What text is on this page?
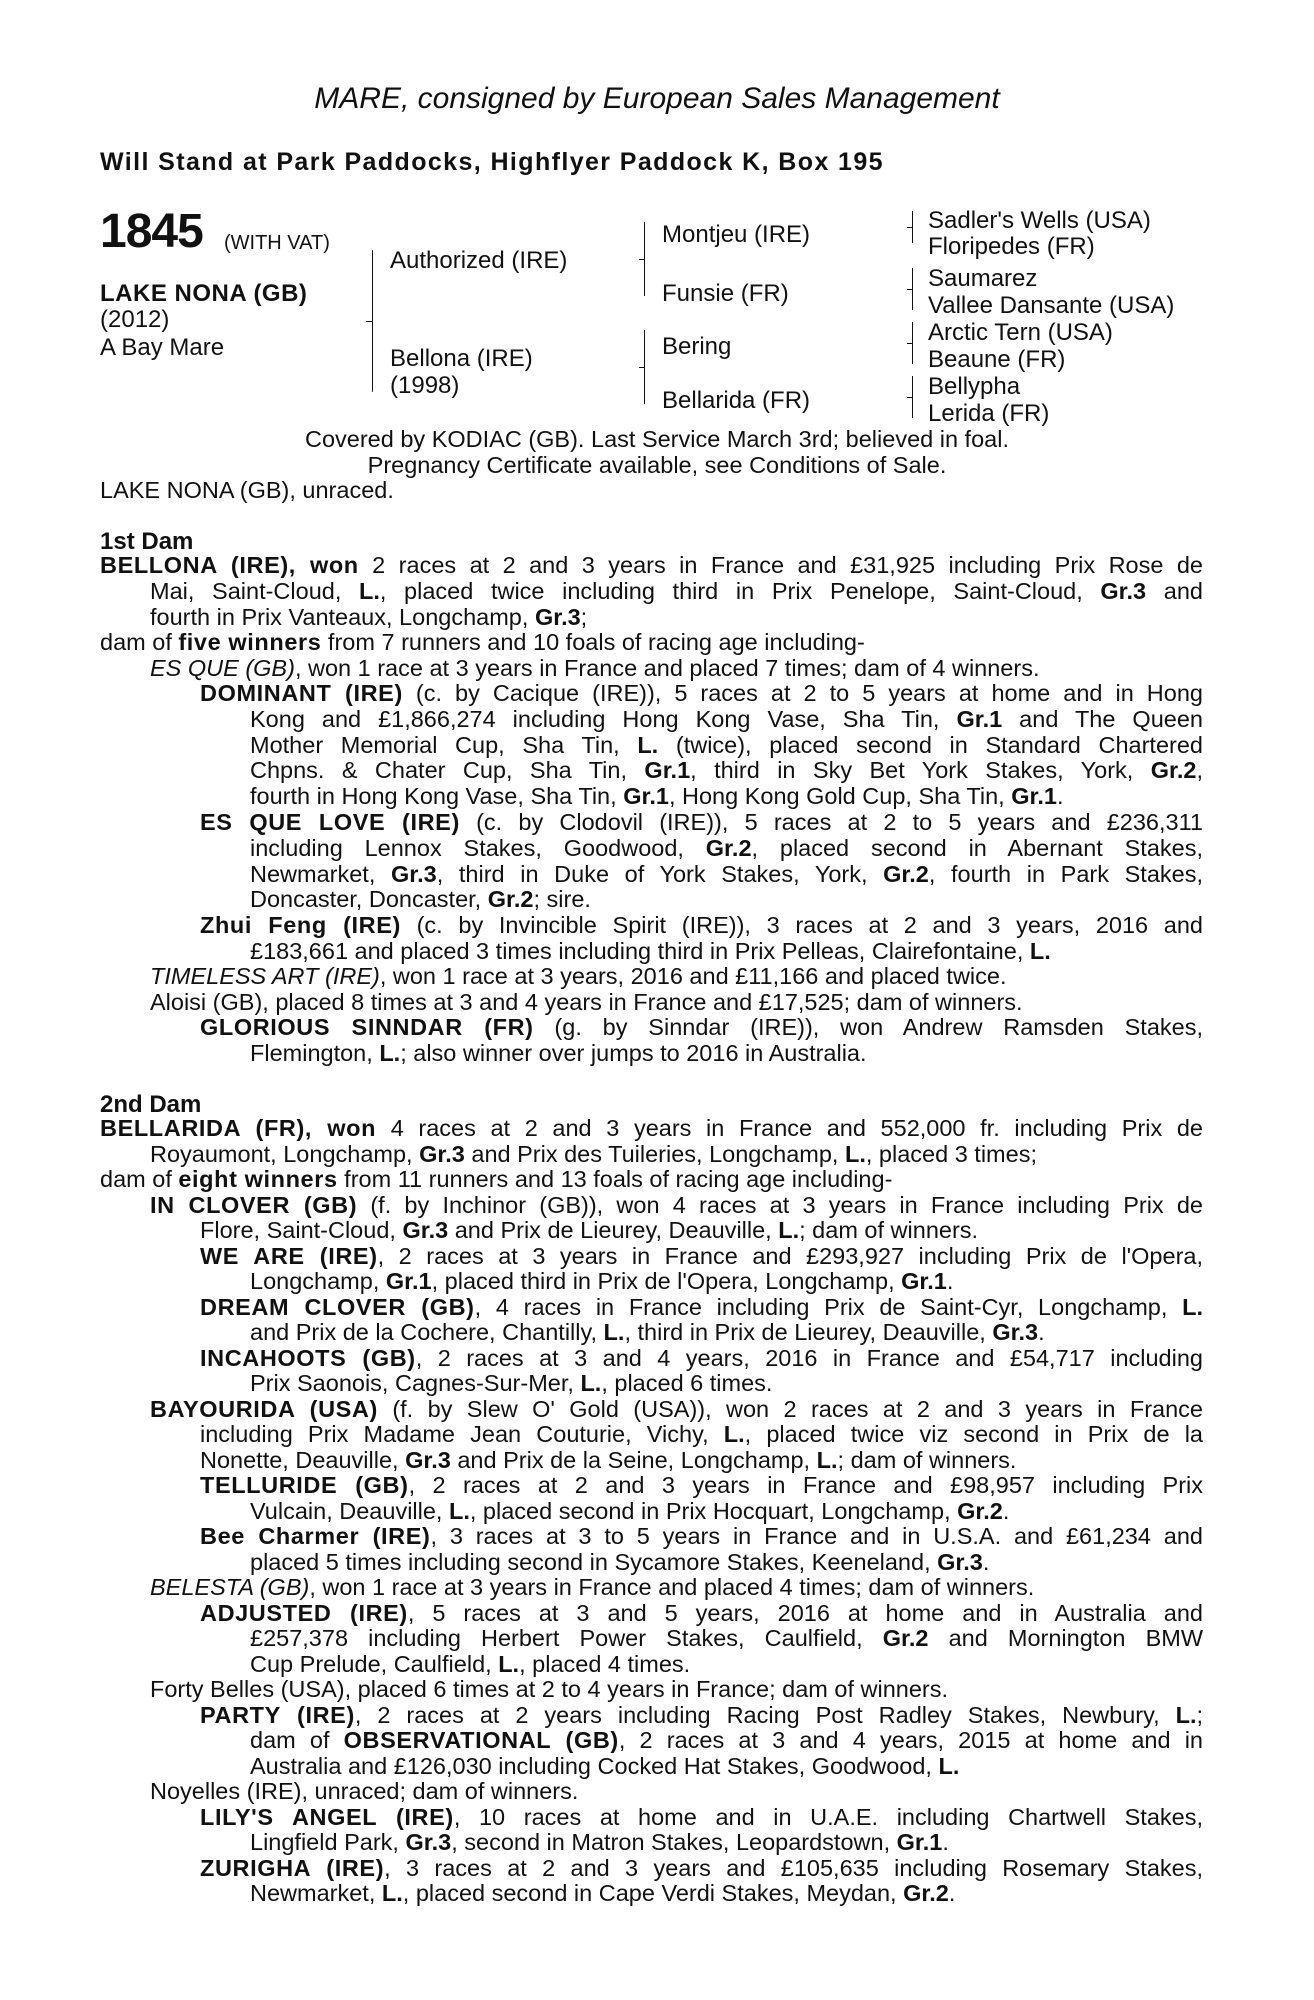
MARE, consigned by European Sales Management
Will Stand at Park Paddocks, Highflyer Paddock K, Box 195
1845 (WITH VAT)
LAKE NONA (GB)
(2012)
A Bay Mare
Authorized (IRE)
Bellona (IRE)
(1998)
Montjeu (IRE)
Funsie (FR)
Bering
Bellarida (FR)
Sadler's Wells (USA)
Floripedes (FR)
Saumarez
Vallee Dansante (USA)
Arctic Tern (USA)
Beaune (FR)
Bellypha
Lerida (FR)
Covered by KODIAC (GB). Last Service March 3rd; believed in foal.
Pregnancy Certificate available, see Conditions of Sale.
LAKE NONA (GB), unraced.
1st Dam
BELLONA (IRE), won 2 races at 2 and 3 years in France and £31,925 including Prix Rose de
Mai, Saint-Cloud, L., placed twice including third in Prix Penelope, Saint-Cloud, Gr.3 and
fourth in Prix Vanteaux, Longchamp, Gr.3;
dam of five winners from 7 runners and 10 foals of racing age including-
ES QUE (GB), won 1 race at 3 years in France and placed 7 times; dam of 4 winners.
DOMINANT (IRE) (c. by Cacique (IRE)), 5 races at 2 to 5 years at home and in Hong
Kong and £1,866,274 including Hong Kong Vase, Sha Tin, Gr.1 and The Queen
Mother Memorial Cup, Sha Tin, L. (twice), placed second in Standard Chartered
Chpns. & Chater Cup, Sha Tin, Gr.1, third in Sky Bet York Stakes, York, Gr.2,
fourth in Hong Kong Vase, Sha Tin, Gr.1, Hong Kong Gold Cup, Sha Tin, Gr.1.
ES QUE LOVE (IRE) (c. by Clodovil (IRE)), 5 races at 2 to 5 years and £236,311
including Lennox Stakes, Goodwood, Gr.2, placed second in Abernant Stakes,
Newmarket, Gr.3, third in Duke of York Stakes, York, Gr.2, fourth in Park Stakes,
Doncaster, Doncaster, Gr.2; sire.
Zhui Feng (IRE) (c. by Invincible Spirit (IRE)), 3 races at 2 and 3 years, 2016 and
£183,661 and placed 3 times including third in Prix Pelleas, Clairefontaine, L.
TIMELESS ART (IRE), won 1 race at 3 years, 2016 and £11,166 and placed twice.
Aloisi (GB), placed 8 times at 3 and 4 years in France and £17,525; dam of winners.
GLORIOUS SINNDAR (FR) (g. by Sinndar (IRE)), won Andrew Ramsden Stakes,
Flemington, L.; also winner over jumps to 2016 in Australia.
2nd Dam
BELLARIDA (FR), won 4 races at 2 and 3 years in France and 552,000 fr. including Prix de
Royaumont, Longchamp, Gr.3 and Prix des Tuileries, Longchamp, L., placed 3 times;
dam of eight winners from 11 runners and 13 foals of racing age including-
IN CLOVER (GB) (f. by Inchinor (GB)), won 4 races at 3 years in France including Prix de
Flore, Saint-Cloud, Gr.3 and Prix de Lieurey, Deauville, L.; dam of winners.
WE ARE (IRE), 2 races at 3 years in France and £293,927 including Prix de l'Opera,
Longchamp, Gr.1, placed third in Prix de l'Opera, Longchamp, Gr.1.
DREAM CLOVER (GB), 4 races in France including Prix de Saint-Cyr, Longchamp, L.
and Prix de la Cochere, Chantilly, L., third in Prix de Lieurey, Deauville, Gr.3.
INCAHOOTS (GB), 2 races at 3 and 4 years, 2016 in France and £54,717 including
Prix Saonois, Cagnes-Sur-Mer, L., placed 6 times.
BAYOURIDA (USA) (f. by Slew O' Gold (USA)), won 2 races at 2 and 3 years in France
including Prix Madame Jean Couturie, Vichy, L., placed twice viz second in Prix de la
Nonette, Deauville, Gr.3 and Prix de la Seine, Longchamp, L.; dam of winners.
TELLURIDE (GB), 2 races at 2 and 3 years in France and £98,957 including Prix
Vulcain, Deauville, L., placed second in Prix Hocquart, Longchamp, Gr.2.
Bee Charmer (IRE), 3 races at 3 to 5 years in France and in U.S.A. and £61,234 and
placed 5 times including second in Sycamore Stakes, Keeneland, Gr.3.
BELESTA (GB), won 1 race at 3 years in France and placed 4 times; dam of winners.
ADJUSTED (IRE), 5 races at 3 and 5 years, 2016 at home and in Australia and
£257,378 including Herbert Power Stakes, Caulfield, Gr.2 and Mornington BMW
Cup Prelude, Caulfield, L., placed 4 times.
Forty Belles (USA), placed 6 times at 2 to 4 years in France; dam of winners.
PARTY (IRE), 2 races at 2 years including Racing Post Radley Stakes, Newbury, L.;
dam of OBSERVATIONAL (GB), 2 races at 3 and 4 years, 2015 at home and in
Australia and £126,030 including Cocked Hat Stakes, Goodwood, L.
Noyelles (IRE), unraced; dam of winners.
LILY'S ANGEL (IRE), 10 races at home and in U.A.E. including Chartwell Stakes,
Lingfield Park, Gr.3, second in Matron Stakes, Leopardstown, Gr.1.
ZURIGHA (IRE), 3 races at 2 and 3 years and £105,635 including Rosemary Stakes,
Newmarket, L., placed second in Cape Verdi Stakes, Meydan, Gr.2.
